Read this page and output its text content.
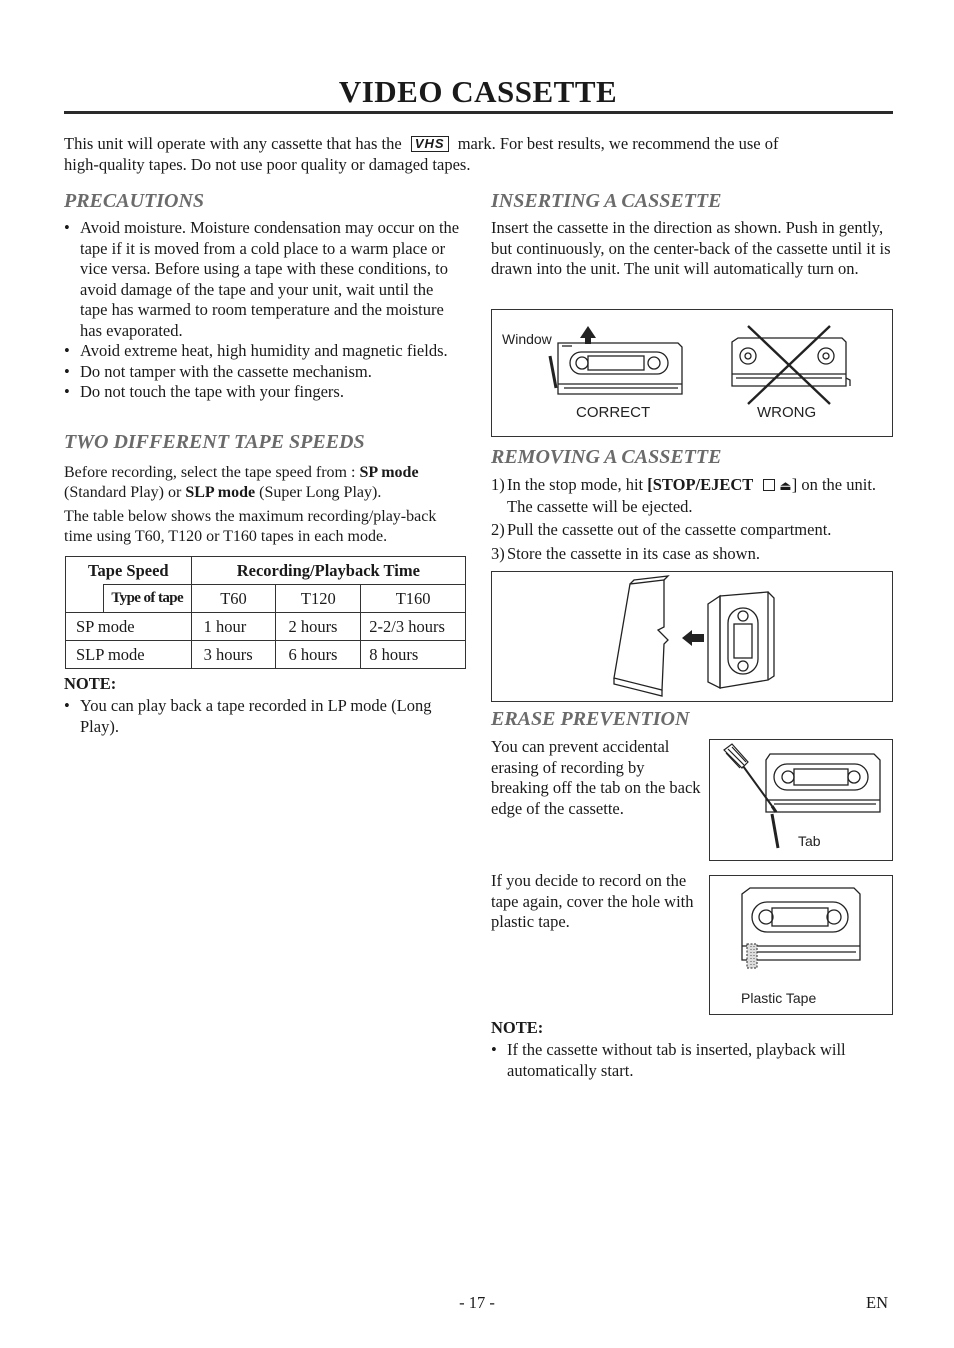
VIDEO CASSETTE
This unit will operate with any cassette that has the VHS mark. For best results, we recommend the use of
high-quality tapes. Do not use poor quality or damaged tapes.
PRECAUTIONS
• Avoid moisture. Moisture condensation may occur on the tape if it is moved from a cold place to a warm place or vice versa. Before using a tape with these conditions, to avoid damage of the tape and your unit, wait until the tape has warmed to room temperature and the moisture has evaporated.
• Avoid extreme heat, high humidity and magnetic fields.
• Do not tamper with the cassette mechanism.
• Do not touch the tape with your fingers.
TWO DIFFERENT TAPE SPEEDS
Before recording, select the tape speed from : SP mode (Standard Play) or SLP mode (Super Long Play).
The table below shows the maximum recording/play-back time using T60, T120 or T160 tapes in each mode.
Tape Speed		Recording/Playback Time		
	Type of tape	T60	T120	T160
SP mode		1 hour	2 hours	2-2/3 hours
SLP mode		3 hours	6 hours	8 hours
NOTE:
• You can play back a tape recorded in LP mode (Long Play).
INSERTING A CASSETTE
Insert the cassette in the direction as shown. Push in gently, but continuously, on the center-back of the cassette until it is drawn into the unit. The unit will automatically turn on.
Window
CORRECT	WRONG
REMOVING A CASSETTE
1) In the stop mode, hit [STOP/EJECT ⏏] on the unit. The cassette will be ejected.
2) Pull the cassette out of the cassette compartment.
3) Store the cassette in its case as shown.
ERASE PREVENTION
You can prevent accidental erasing of recording by breaking off the tab on the back edge of the cassette.
Tab
If you decide to record on the tape again, cover the hole with plastic tape.
Plastic Tape
NOTE:
• If the cassette without tab is inserted, playback will automatically start.
- 17 -	EN
